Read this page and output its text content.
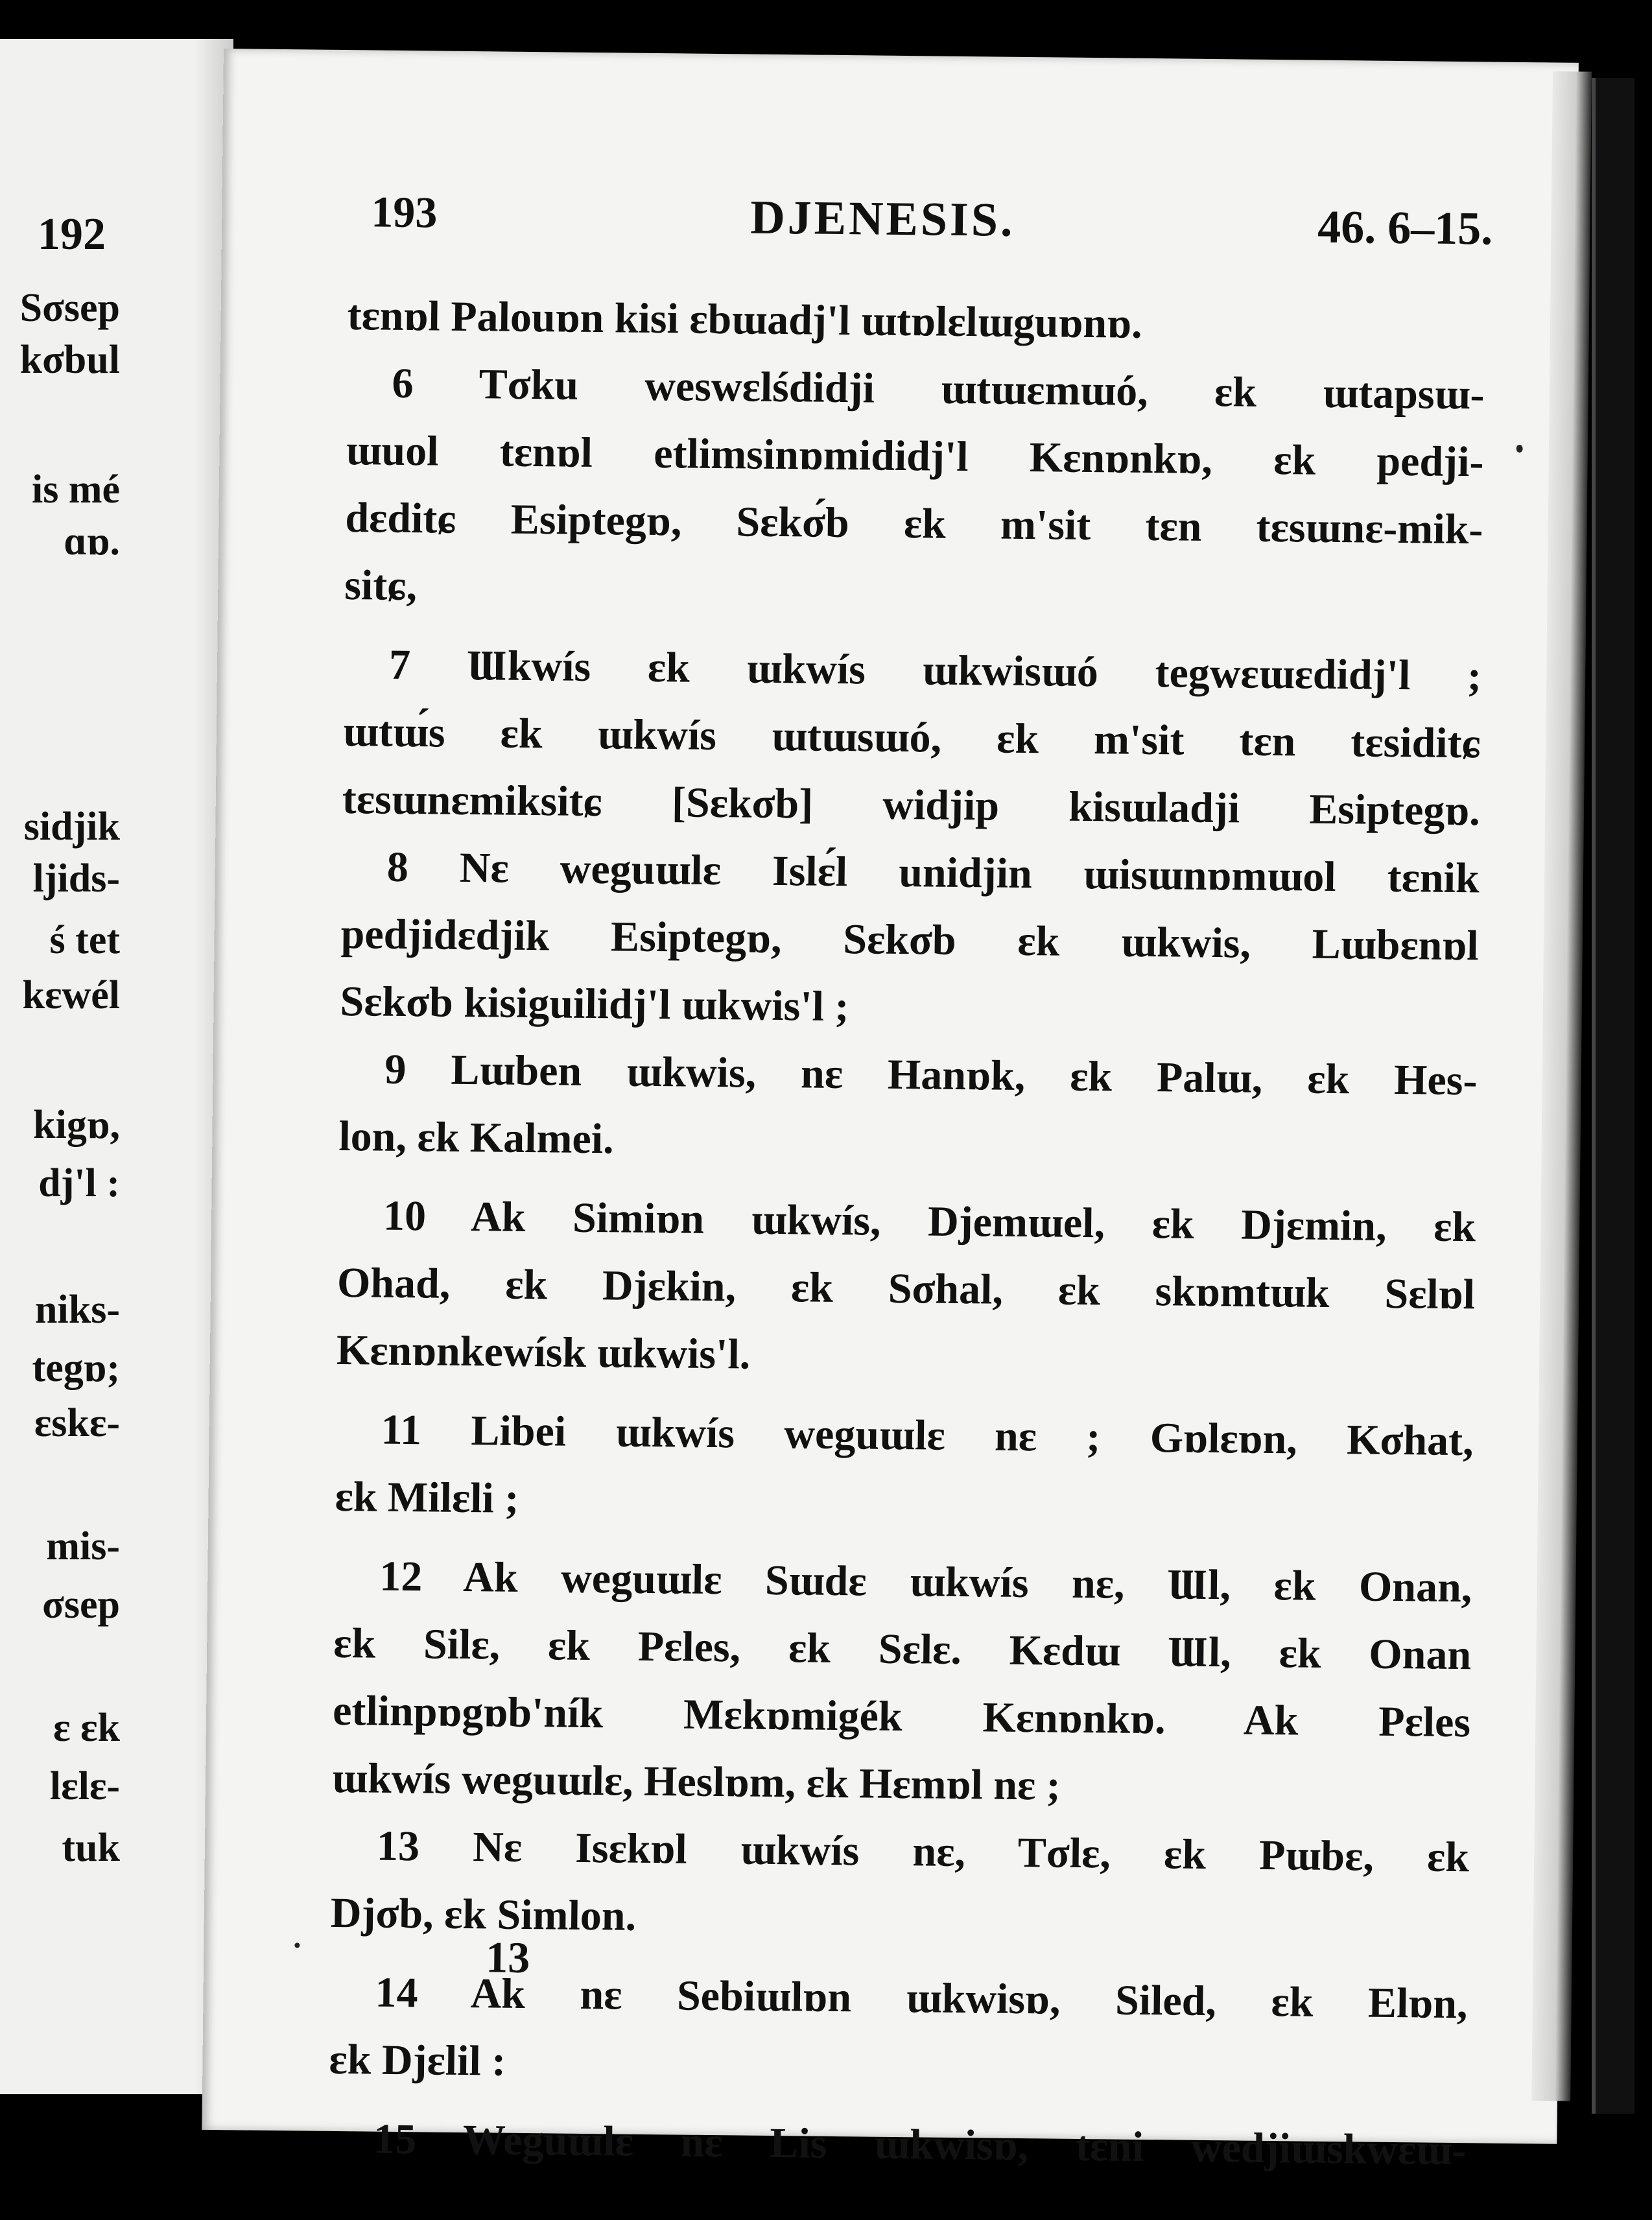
192
Sσsep
kσbul
is mé
ɑɒ.
sidjik
ljids-
ś tet
kɛwél
kigɒ,
dj'l :
niks-
tegɒ;
ɛskɛ-
mis-
σsep
ɛ ɛk
lɛlɛ-
tuk
193	DJENESIS.	46. 6–15.
tɛnɒl Palouɒn kisi ɛbɯadj'l ɯtɒlɛlɯguɒnɒ.
6 Tσku weswɛlśdidji ɯtɯɛmɯó, ɛk ɯtapsɯ-
ɯuol tɛnɒl etlimsinɒmididj'l Kɛnɒnkɒ, ɛk pedji-
dɛditɕ Esiptegɒ, Sɛkσ́b ɛk m'sit tɛn tɛsɯnɛ-mik-
sitɕ,
7 Ɯkwís ɛk ɯkwís ɯkwisɯó tegwɛɯɛdidj'l ;
ɯtɯ́s ɛk ɯkwís ɯtɯsɯó, ɛk m'sit tɛn tɛsiditɕ
tɛsɯnɛmiksitɕ [Sɛkσb] widjip kisɯladji Esiptegɒ.
8 Nɛ weguɯlɛ Islɛ́l unidjin ɯisɯnɒmɯol tɛnik
pedjidɛdjik Esiptegɒ, Sɛkσb ɛk ɯkwis, Lɯbɛnɒl
Sɛkσb kisiguilidj'l ɯkwis'l ;
9 Lɯben ɯkwis, nɛ Hanɒk, ɛk Palɯ, ɛk Hes-
lon, ɛk Kalmei.
10 Ak Simiɒn ɯkwís, Djemɯel, ɛk Djɛmin, ɛk
Ohad, ɛk Djɛkin, ɛk Sσhal, ɛk skɒmtɯk Sɛlɒl
Kɛnɒnkewísk ɯkwis'l.
11 Libei ɯkwís weguɯlɛ nɛ ; Gɒlɛɒn, Kσhat,
ɛk Milɛli ;
12 Ak weguɯlɛ Sɯdɛ ɯkwís nɛ, Ɯl, ɛk Onan,
ɛk Silɛ, ɛk Pɛles, ɛk Sɛlɛ. Kɛdɯ Ɯl, ɛk Onan
etlinpɒgɒb'ník Mɛkɒmigék Kɛnɒnkɒ. Ak Pɛles
ɯkwís weguɯlɛ, Heslɒm, ɛk Hɛmɒl nɛ ;
13 Nɛ Isɛkɒl ɯkwís nɛ, Tσlɛ, ɛk Pɯbɛ, ɛk
Djσb, ɛk Simlon.
14 Ak nɛ Sebiɯlɒn ɯkwisɒ, Siled, ɛk Elɒn,
ɛk Djɛlil :
15 Weguɯlɛ nɛ Lis ɯkwisɒ, tɛni wedjiɯskwɛɯ-
13
